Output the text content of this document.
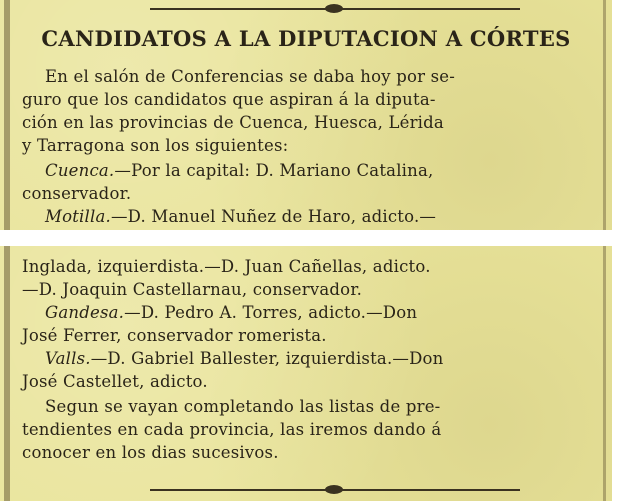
CANDIDATOS A LA DIPUTACION A CÓRTES
En el salón de Conferencias se daba hoy por se-
guro que los candidatos que aspiran á la diputa-
ción en las provincias de Cuenca, Huesca, Lérida
y Tarragona son los siguientes:
Cuenca.—Por la capital: D. Mariano Catalina,
conservador.
Motilla.—D. Manuel Nuñez de Haro, adicto.—
Inglada, izquierdista.—D. Juan Cañellas, adicto.
—D. Joaquin Castellarnau, conservador.
Gandesa.—D. Pedro A. Torres, adicto.—Don
José Ferrer, conservador romerista.
Valls.—D. Gabriel Ballester, izquierdista.—Don
José Castellet, adicto.
Segun se vayan completando las listas de pre-
tendientes en cada provincia, las iremos dando á
conocer en los dias sucesivos.
